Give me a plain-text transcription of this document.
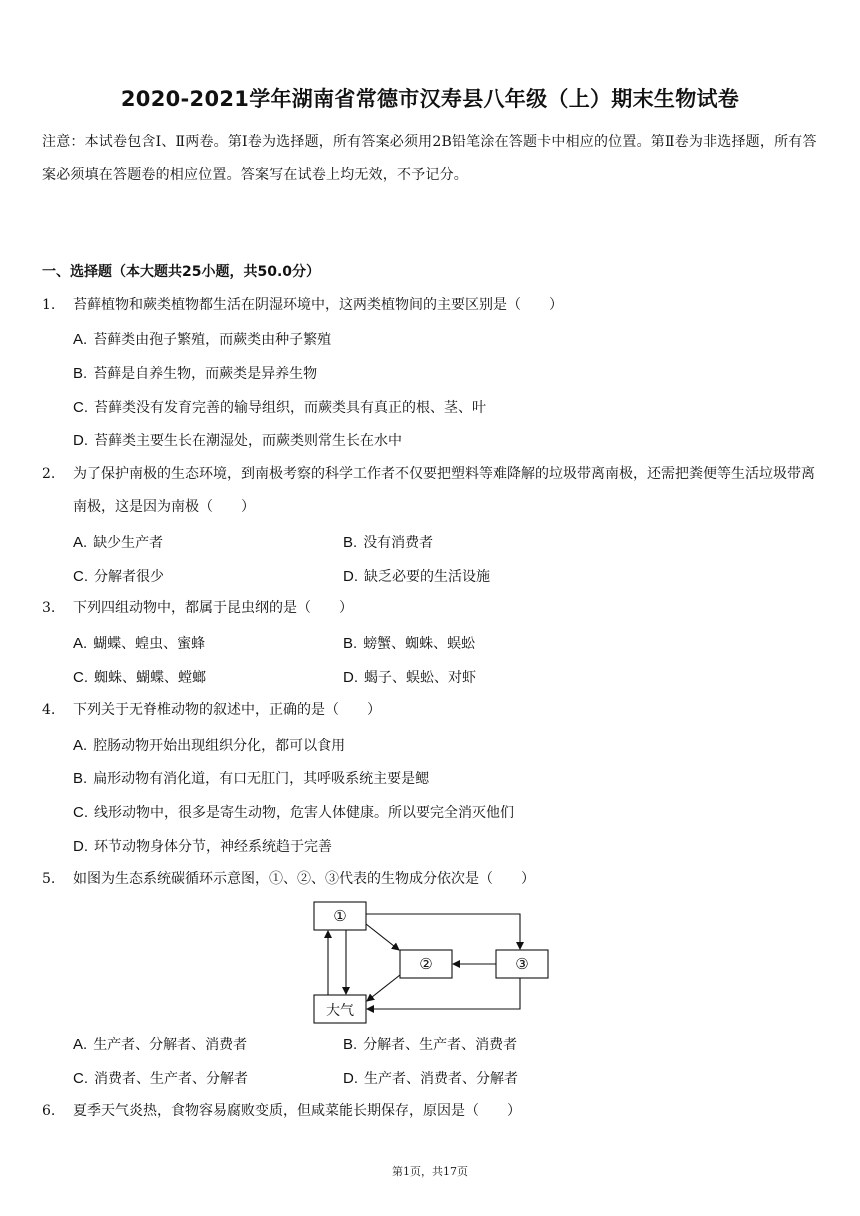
2020-2021学年湖南省常德市汉寿县八年级（上）期末生物试卷
注意：本试卷包含Ⅰ、Ⅱ两卷。第Ⅰ卷为选择题，所有答案必须用2B铅笔涂在答题卡中相应的位置。第Ⅱ卷为非选择题，所有答案必须填在答题卷的相应位置。答案写在试卷上均无效，不予记分。
一、选择题（本大题共25小题，共50.0分）
1. 苔藓植物和蕨类植物都生活在阴湿环境中，这两类植物间的主要区别是（　　）
A. 苔藓类由孢子繁殖，而蕨类由种子繁殖
B. 苔藓是自养生物，而蕨类是异养生物
C. 苔藓类没有发育完善的输导组织，而蕨类具有真正的根、茎、叶
D. 苔藓类主要生长在潮湿处，而蕨类则常生长在水中
2. 为了保护南极的生态环境，到南极考察的科学工作者不仅要把塑料等难降解的垃圾带离南极，还需把粪便等生活垃圾带离南极，这是因为南极（　　）
A. 缺少生产者	B. 没有消费者
C. 分解者很少	D. 缺乏必要的生活设施
3. 下列四组动物中，都属于昆虫纲的是（　　）
A. 蝴蝶、蝗虫、蜜蜂	B. 螃蟹、蜘蛛、蜈蚣
C. 蜘蛛、蝴蝶、螳螂	D. 蝎子、蜈蚣、对虾
4. 下列关于无脊椎动物的叙述中，正确的是（　　）
A. 腔肠动物开始出现组织分化，都可以食用
B. 扁形动物有消化道，有口无肛门，其呼吸系统主要是鳃
C. 线形动物中，很多是寄生动物，危害人体健康。所以要完全消灭他们
D. 环节动物身体分节，神经系统趋于完善
5. 如图为生态系统碳循环示意图，①、②、③代表的生物成分依次是（　　）
①
②	③
大气
A. 生产者、分解者、消费者	B. 分解者、生产者、消费者
C. 消费者、生产者、分解者	D. 生产者、消费者、分解者
6. 夏季天气炎热，食物容易腐败变质，但咸菜能长期保存，原因是（　　）
第1页，共17页
